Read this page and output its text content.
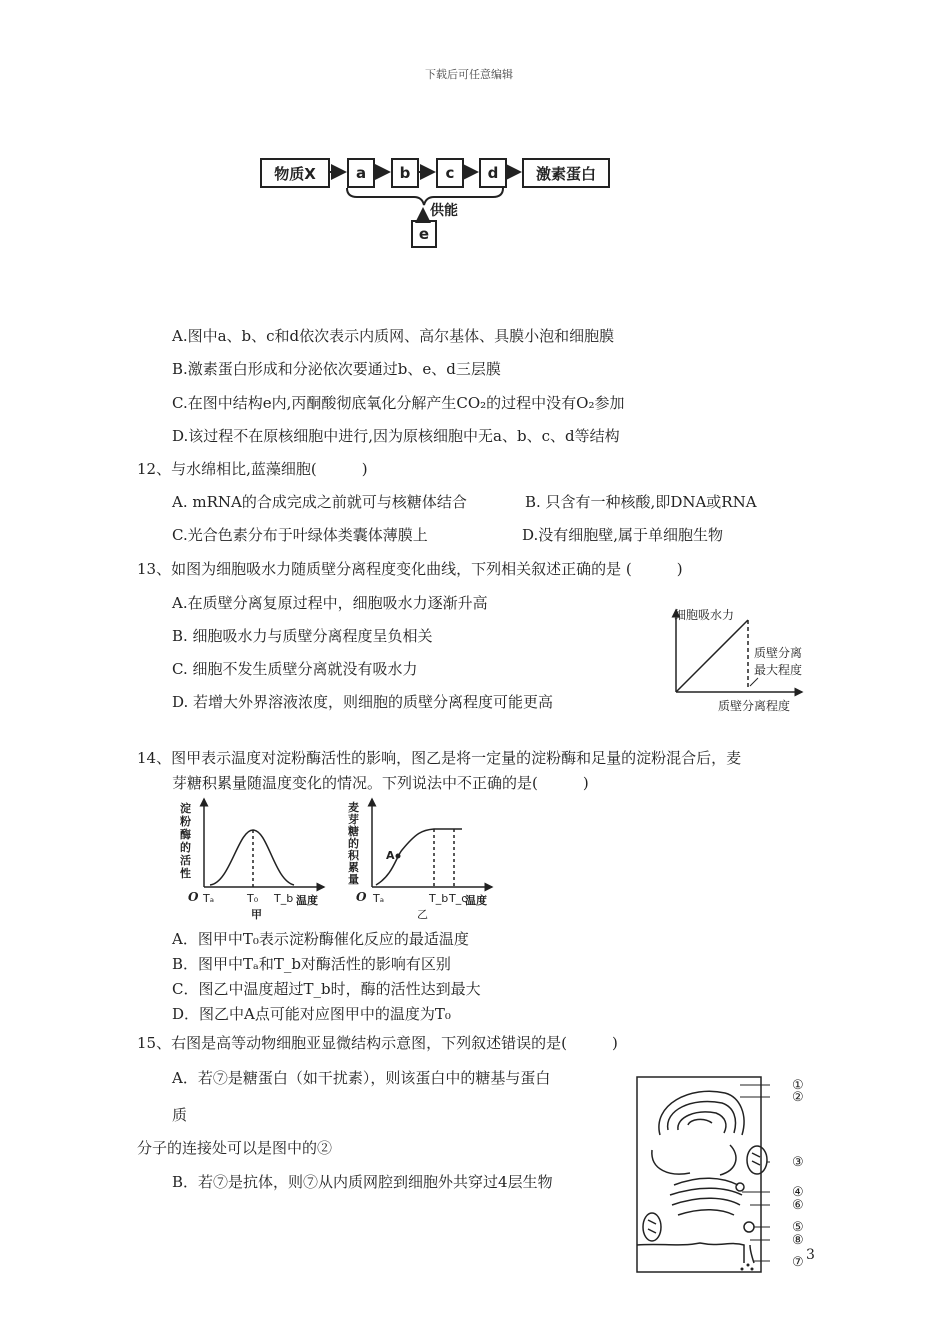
下载后可任意编辑
物质X	a	b	c	d	激素蛋白
e
供能
A.图中a、b、c和d依次表示内质网、高尔基体、具膜小泡和细胞膜
B.激素蛋白形成和分泌依次要通过b、e、d三层膜
C.在图中结构e内,丙酮酸彻底氧化分解产生CO₂的过程中没有O₂参加
D.该过程不在原核细胞中进行,因为原核细胞中无a、b、c、d等结构
12、与水绵相比,蓝藻细胞(　　　)
A. mRNA的合成完成之前就可与核糖体结合	B. 只含有一种核酸,即DNA或RNA
C.光合色素分布于叶绿体类囊体薄膜上	D.没有细胞壁,属于单细胞生物
13、如图为细胞吸水力随质壁分离程度变化曲线，下列相关叙述正确的是 (　　　)
A.在质壁分离复原过程中，细胞吸水力逐渐升高
B. 细胞吸水力与质壁分离程度呈负相关
C. 细胞不发生质壁分离就没有吸水力
D. 若增大外界溶液浓度，则细胞的质壁分离程度可能更高
细胞吸水力
质壁分离
最大程度
质壁分离程度
14、图甲表示温度对淀粉酶活性的影响，图乙是将一定量的淀粉酶和足量的淀粉混合后，麦
芽糖积累量随温度变化的情况。下列说法中不正确的是(　　　)
淀
粉
酶
的
活
性
O Tₐ	T₀ T_b 温度
甲
麦
芽
糖
的
积
累
量
O
A
Tₐ	T_b T_c
温度
乙
A．图甲中T₀表示淀粉酶催化反应的最适温度
B．图甲中Tₐ和T_b对酶活性的影响有区别
C．图乙中温度超过T_b时，酶的活性达到最大
D．图乙中A点可能对应图甲中的温度为T₀
15、右图是高等动物细胞亚显微结构示意图，下列叙述错误的是(　　　)
A．若⑦是糖蛋白（如干扰素），则该蛋白中的糖基与蛋白
质
分子的连接处可以是图中的②
B．若⑦是抗体，则⑦从内质网腔到细胞外共穿过4层生物
①
②
③
④
⑥
⑤
⑧
⑦ 3
